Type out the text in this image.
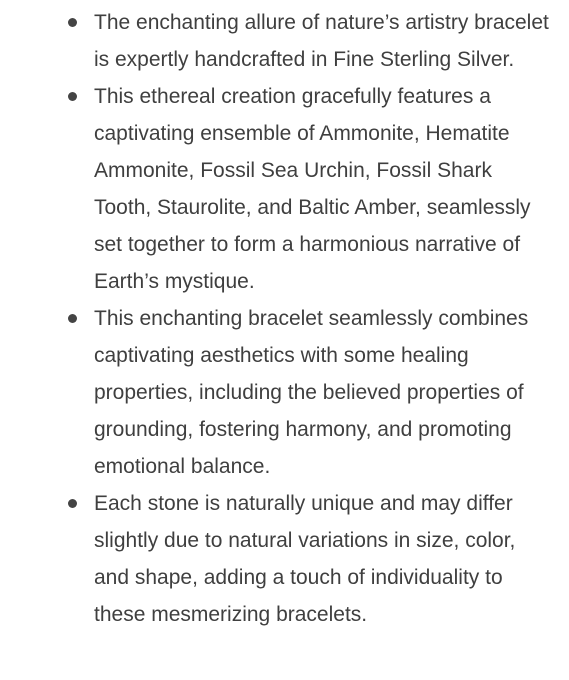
The enchanting allure of nature’s artistry bracelet is expertly handcrafted in Fine Sterling Silver.
This ethereal creation gracefully features a captivating ensemble of Ammonite, Hematite Ammonite, Fossil Sea Urchin, Fossil Shark Tooth, Staurolite, and Baltic Amber, seamlessly set together to form a harmonious narrative of Earth’s mystique.
This enchanting bracelet seamlessly combines captivating aesthetics with some healing properties, including the believed properties of grounding, fostering harmony, and promoting emotional balance.
Each stone is naturally unique and may differ slightly due to natural variations in size, color, and shape, adding a touch of individuality to these mesmerizing bracelets.
